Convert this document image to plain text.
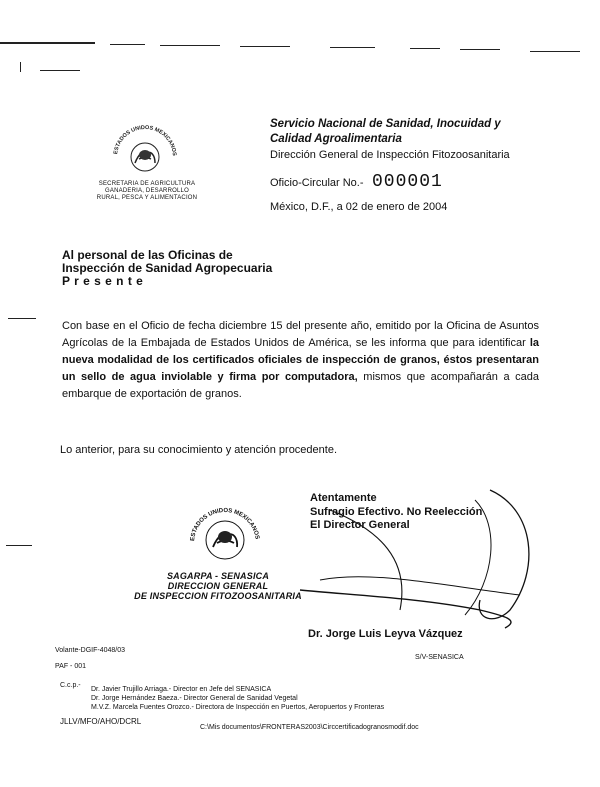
ESTADOS UNIDOS MEXICANOS
SECRETARIA DE AGRICULTURA
GANADERIA, DESARROLLO
RURAL, PESCA Y ALIMENTACION
Servicio Nacional de Sanidad, Inocuidad y
Calidad Agroalimentaria
Dirección General de Inspección Fitozoosanitaria
Oficio-Circular No.- 000001
México, D.F., a 02 de enero de 2004
Al personal de las Oficinas de
Inspección de Sanidad Agropecuaria
P r e s e n t e
Con base en el Oficio de fecha diciembre 15 del presente año, emitido por la Oficina de Asuntos Agrícolas de la Embajada de Estados Unidos de América, se les informa que para identificar la nueva modalidad de los certificados oficiales de inspección de granos, éstos presentaran un sello de agua inviolable y firma por computadora, mismos que acompañarán a cada embarque de exportación de granos.
Lo anterior, para su conocimiento y atención procedente.
Atentamente
Sufragio Efectivo. No Reelección
El Director General
ESTADOS UNIDOS MEXICANOS
SAGARPA - SENASICA
DIRECCION GENERAL
DE INSPECCION FITOZOOSANITARIA
Dr. Jorge Luis Leyva Vázquez
S/V-SENASICA
Volante-DGIF-4048/03
PAF - 001
C.c.p.-
Dr. Javier Trujillo Arriaga.- Director en Jefe del SENASICA
Dr. Jorge Hernández Baeza.- Director General de Sanidad Vegetal
M.V.Z. Marcela Fuentes Orozco.- Directora de Inspección en Puertos, Aeropuertos y Fronteras
JLLV/MFO/AHO/DCRL
C:\Mis documentos\FRONTERAS2003\Circcertificadogranosmodif.doc
